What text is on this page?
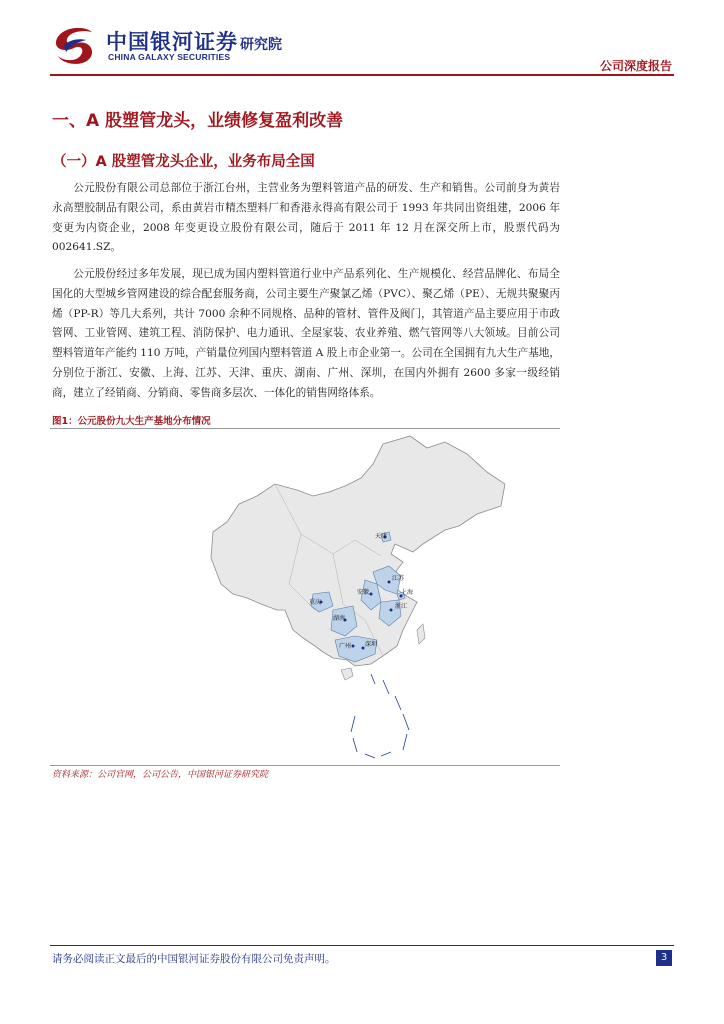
中国银河证券
CHINA GALAXY SECURITIES
研究院
公司深度报告
一、A 股塑管龙头，业绩修复盈利改善
（一）A 股塑管龙头企业，业务布局全国

公元股份有限公司总部位于浙江台州，主营业务为塑料管道产品的研发、生产和销售。公司前身为黄岩永高塑胶制品有限公司，系由黄岩市精杰塑料厂和香港永得高有限公司于 1993 年共同出资组建，2006 年变更为内资企业，2008 年变更设立股份有限公司，随后于 2011 年 12 月在深交所上市，股票代码为 002641.SZ。

公元股份经过多年发展，现已成为国内塑料管道行业中产品系列化、生产规模化、经营品牌化、布局全国化的大型城乡管网建设的综合配套服务商，公司主要生产聚氯乙烯（PVC）、聚乙烯（PE）、无规共聚聚丙烯（PP-R）等几大系列，共计 7000 余种不同规格、品种的管材、管件及阀门，其管道产品主要应用于市政管网、工业管网、建筑工程、消防保护、电力通讯、全屋家装、农业养殖、燃气管网等八大领域。目前公司塑料管道年产能约 110 万吨，产销量位列国内塑料管道 A 股上市企业第一。公司在全国拥有九大生产基地，分别位于浙江、安徽、上海、江苏、天津、重庆、湖南、广州、深圳，在国内外拥有 2600 多家一级经销商，建立了经销商、分销商、零售商多层次、一体化的销售网络体系。

图1：公元股份九大生产基地分布情况
天津
江苏
安徽	上海
浙江
重庆
湖南
广州 深圳
资料来源：公司官网，公司公告，中国银河证券研究院
请务必阅读正文最后的中国银河证券股份有限公司免责声明。	3
